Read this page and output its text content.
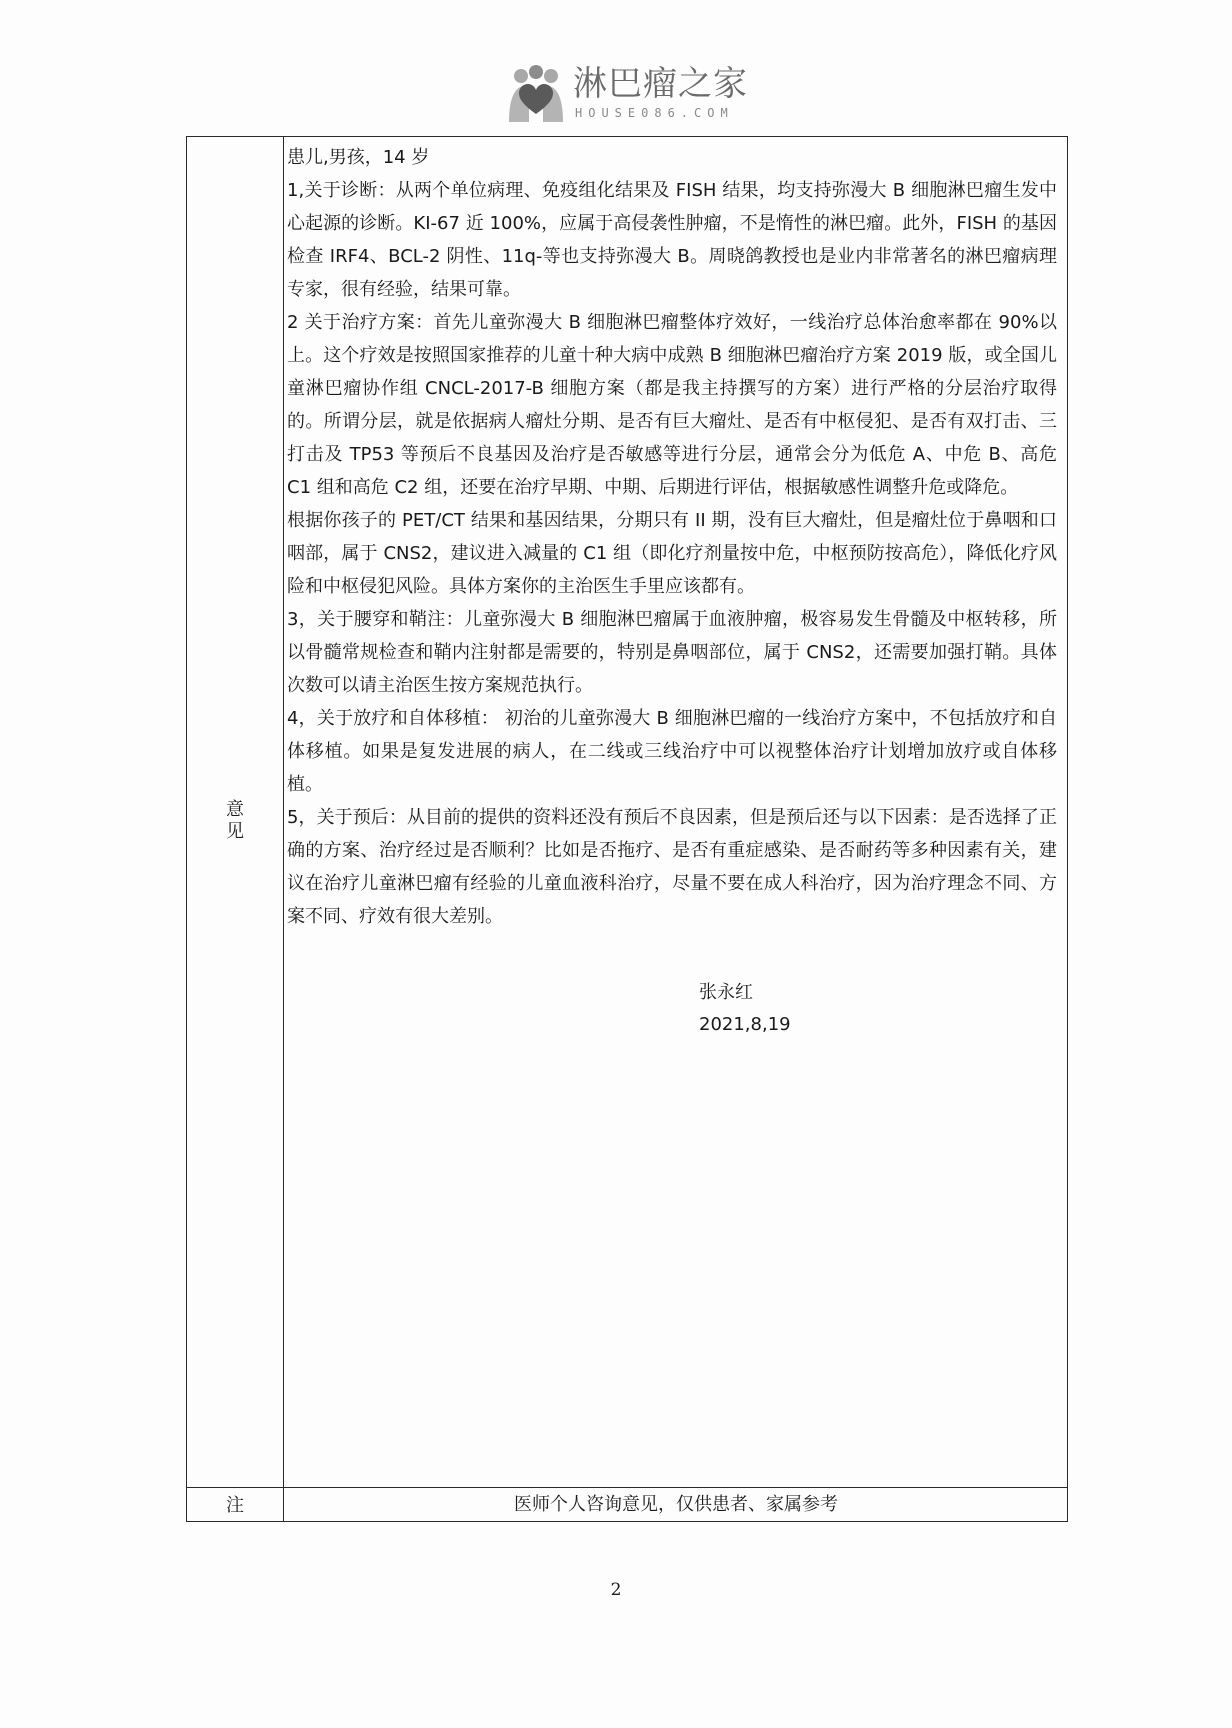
淋巴瘤之家
HOUSE086.COM
意
见

患儿,男孩，14 岁

1,关于诊断：从两个单位病理、免疫组化结果及 FISH 结果，均支持弥漫大 B 细胞淋巴瘤生发中心起源的诊断。KI-67 近 100%，应属于高侵袭性肿瘤，不是惰性的淋巴瘤。此外，FISH 的基因检查 IRF4、BCL-2 阴性、11q-等也支持弥漫大 B。周晓鸽教授也是业内非常著名的淋巴瘤病理专家，很有经验，结果可靠。

2 关于治疗方案：首先儿童弥漫大 B 细胞淋巴瘤整体疗效好，一线治疗总体治愈率都在 90%以上。这个疗效是按照国家推荐的儿童十种大病中成熟 B 细胞淋巴瘤治疗方案 2019 版，或全国儿童淋巴瘤协作组 CNCL-2017-B 细胞方案（都是我主持撰写的方案）进行严格的分层治疗取得的。所谓分层，就是依据病人瘤灶分期、是否有巨大瘤灶、是否有中枢侵犯、是否有双打击、三打击及 TP53 等预后不良基因及治疗是否敏感等进行分层，通常会分为低危 A、中危 B、高危 C1 组和高危 C2 组，还要在治疗早期、中期、后期进行评估，根据敏感性调整升危或降危。

根据你孩子的 PET/CT 结果和基因结果，分期只有 II 期，没有巨大瘤灶，但是瘤灶位于鼻咽和口咽部，属于 CNS2，建议进入减量的 C1 组（即化疗剂量按中危，中枢预防按高危），降低化疗风险和中枢侵犯风险。具体方案你的主治医生手里应该都有。

3，关于腰穿和鞘注：儿童弥漫大 B 细胞淋巴瘤属于血液肿瘤，极容易发生骨髓及中枢转移，所以骨髓常规检查和鞘内注射都是需要的，特别是鼻咽部位，属于 CNS2，还需要加强打鞘。具体次数可以请主治医生按方案规范执行。

4，关于放疗和自体移植： 初治的儿童弥漫大 B 细胞淋巴瘤的一线治疗方案中，不包括放疗和自体移植。如果是复发进展的病人，在二线或三线治疗中可以视整体治疗计划增加放疗或自体移植。

5，关于预后：从目前的提供的资料还没有预后不良因素，但是预后还与以下因素：是否选择了正确的方案、治疗经过是否顺利？比如是否拖疗、是否有重症感染、是否耐药等多种因素有关，建议在治疗儿童淋巴瘤有经验的儿童血液科治疗，尽量不要在成人科治疗，因为治疗理念不同、方案不同、疗效有很大差别。

张永红
2021,8,19
注	医师个人咨询意见，仅供患者、家属参考
2
